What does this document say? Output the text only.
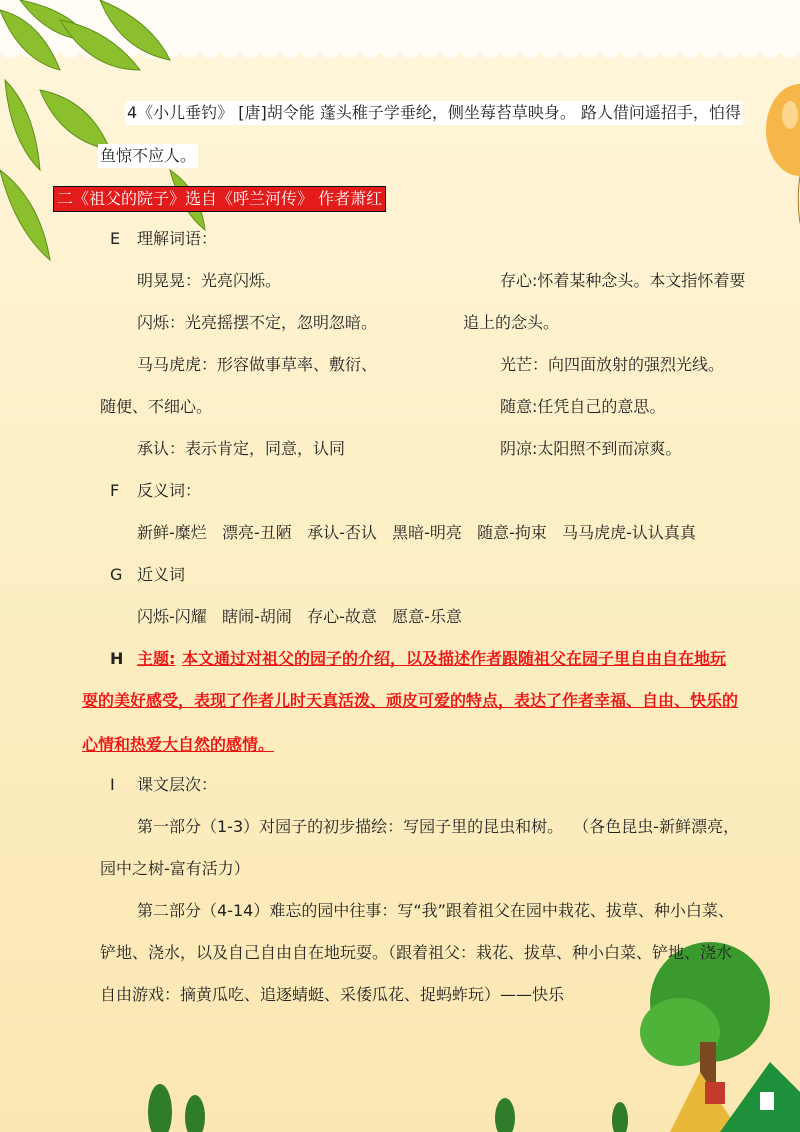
4《小儿垂钓》 [唐]胡令能 蓬头稚子学垂纶，侧坐莓苔草映身。 路人借问遥招手，怕得
鱼惊不应人。
二《祖父的院子》选自《呼兰河传》 作者萧红
E 理解词语：
明晃晃：光亮闪烁。
闪烁：光亮摇摆不定，忽明忽暗。
马马虎虎：形容做事草率、敷衍、
随便、不细心。
承认：表示肯定，同意，认同
存心:怀着某种念头。本文指怀着要
追上的念头。
光芒：向四面放射的强烈光线。
随意:任凭自己的意思。
阴凉:太阳照不到而凉爽。
F 反义词：
新鲜-糜烂   漂亮-丑陋   承认-否认   黑暗-明亮   随意-拘束   马马虎虎-认认真真
G 近义词
闪烁-闪耀   瞎闹-胡闹   存心-故意   愿意-乐意
H 主题: 本文通过对祖父的园子的介绍，以及描述作者跟随祖父在园子里自由自在地玩
耍的美好感受，表现了作者儿时天真活泼、顽皮可爱的特点，表达了作者幸福、自由、快乐的
心情和热爱大自然的感情。
I 课文层次：
第一部分（1-3）对园子的初步描绘：写园子里的昆虫和树。  （各色昆虫-新鲜漂亮，
园中之树-富有活力）
第二部分（4-14）难忘的园中往事：写“我”跟着祖父在园中栽花、拔草、种小白菜、
铲地、浇水，以及自己自由自在地玩耍。（跟着祖父：栽花、拔草、种小白菜、铲地、浇水
自由游戏：摘黄瓜吃、追逐蜻蜓、采倭瓜花、捉蚂蚱玩）——快乐
